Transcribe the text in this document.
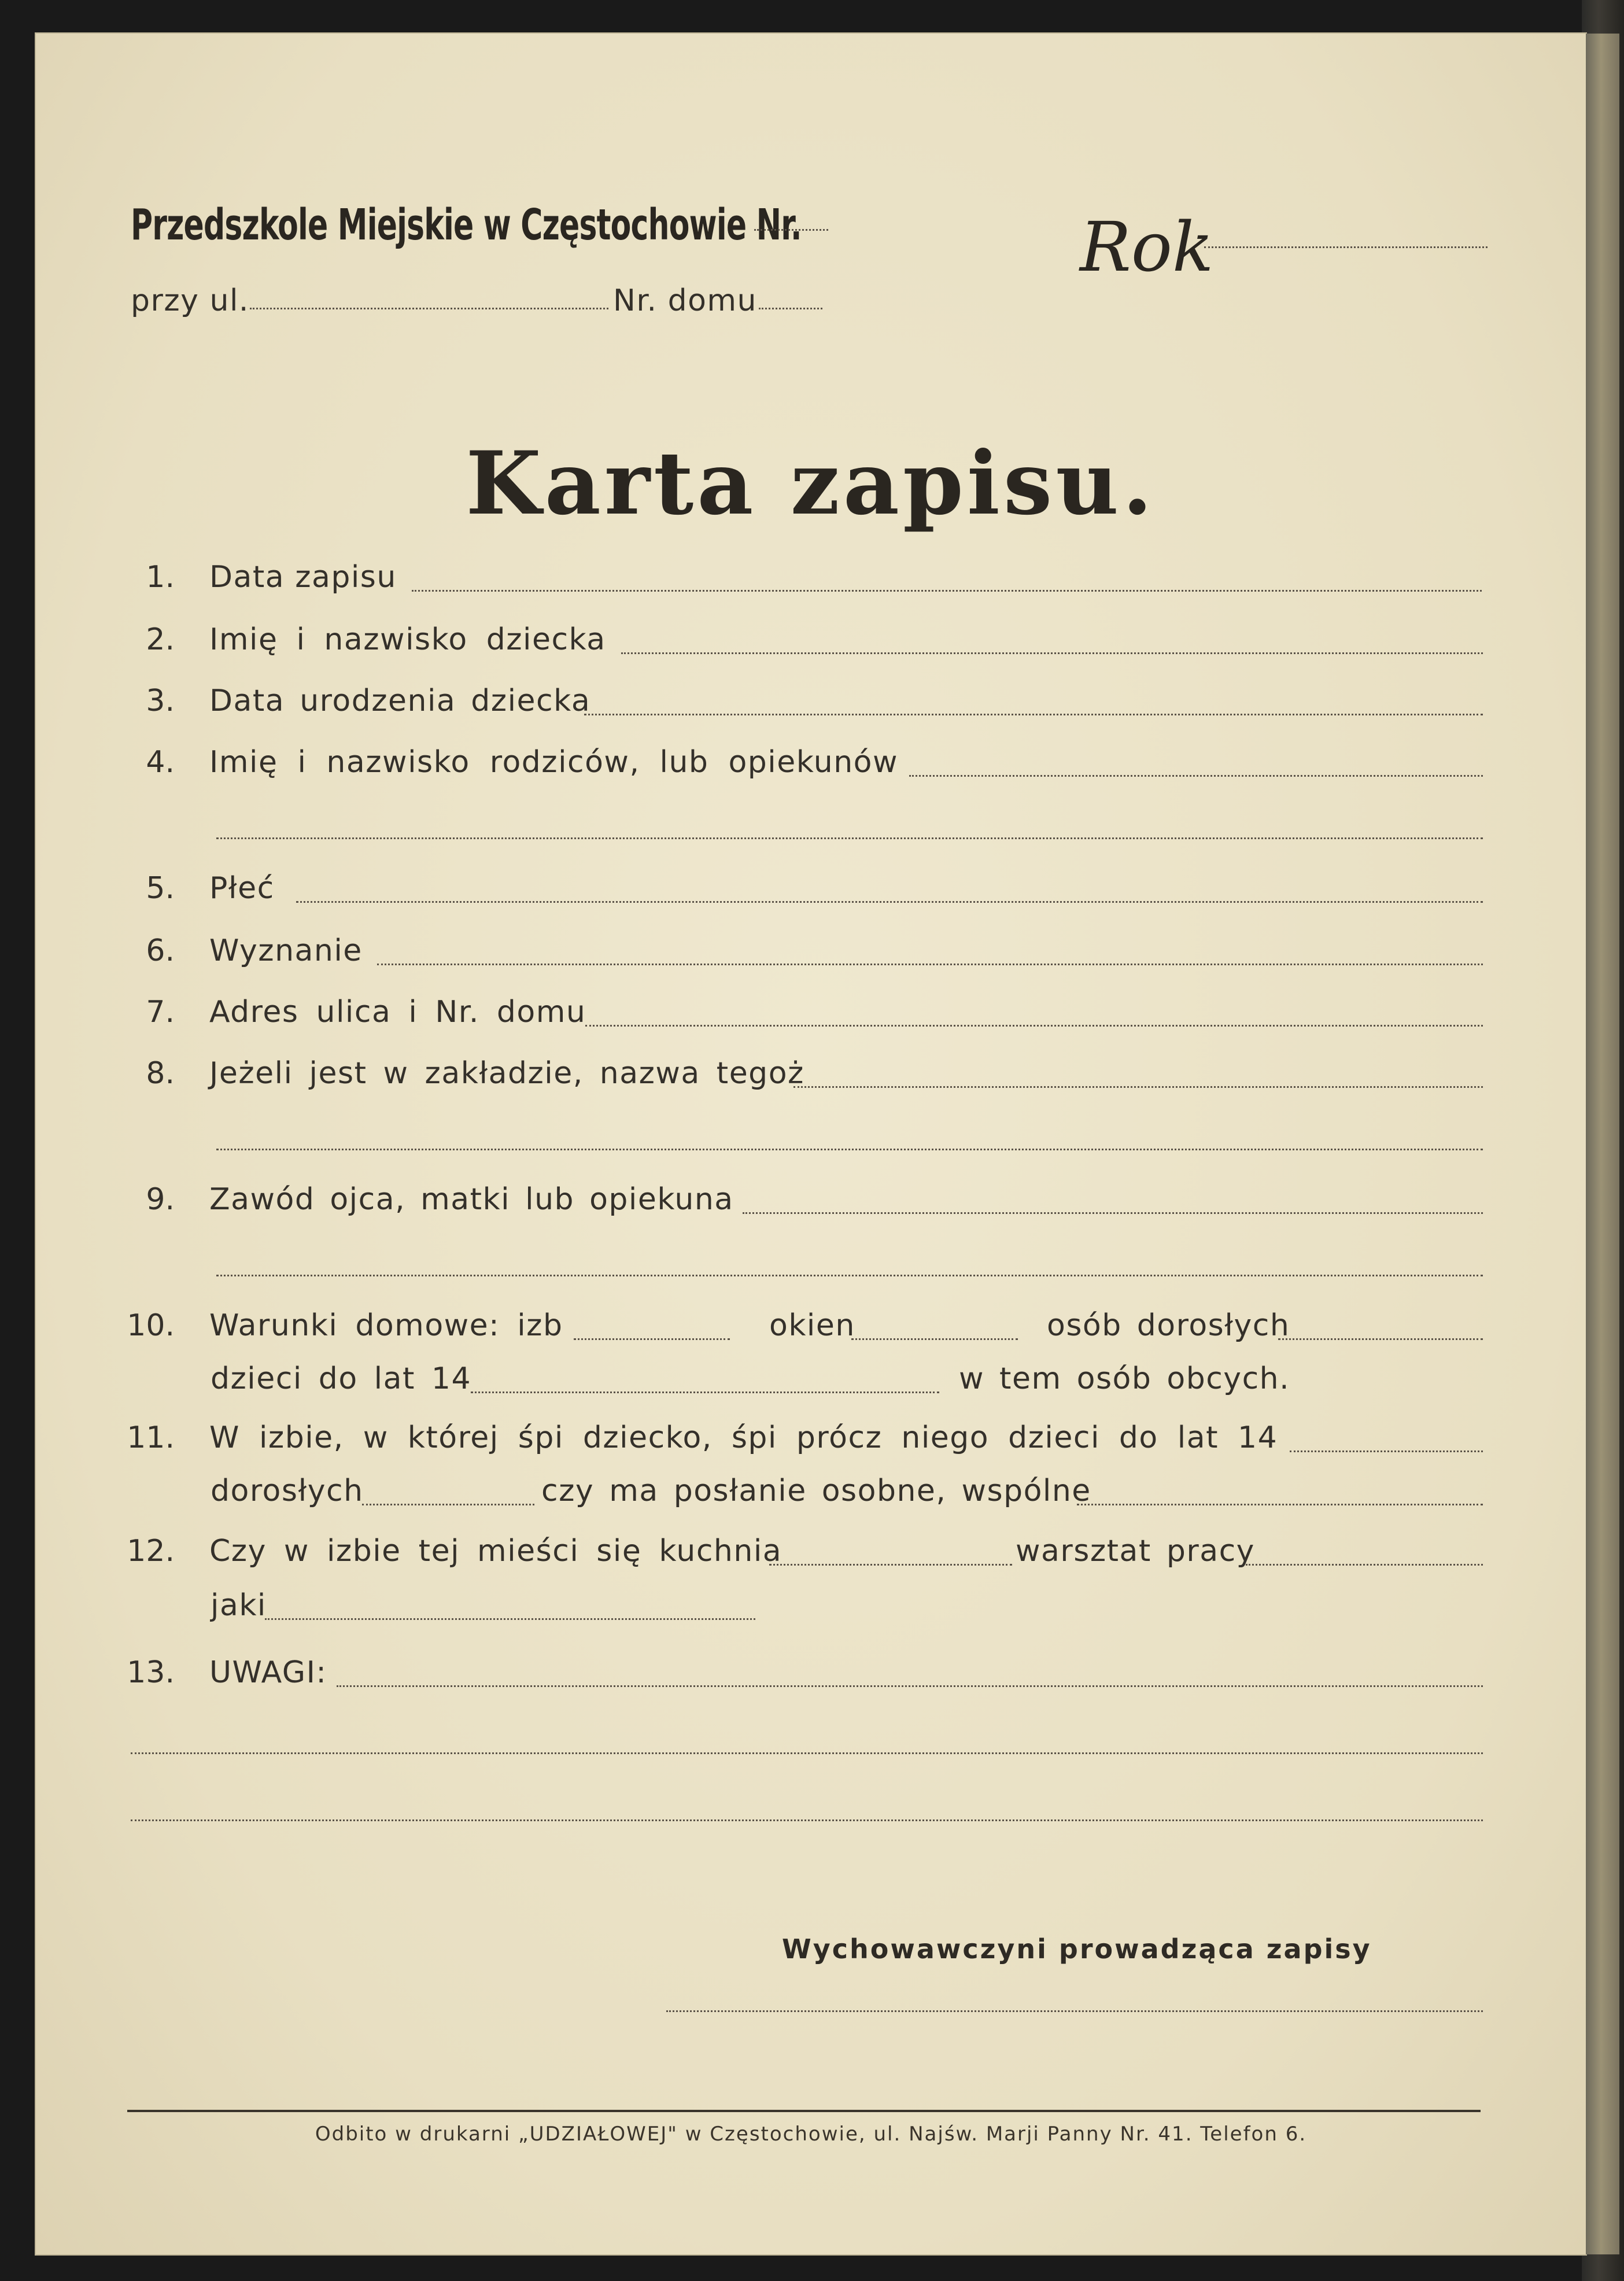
Przedszkole Miejskie w Częstochowie Nr.	Rok
przy ul.	Nr. domu
Karta zapisu.
1. Data zapisu
2. Imię i nazwisko dziecka
3. Data urodzenia dziecka
4. Imię i nazwisko rodziców, lub opiekunów
5. Płeć
6. Wyznanie
7. Adres ulica i Nr. domu
8. Jeżeli jest w zakładzie, nazwa tegoż
9. Zawód ojca, matki lub opiekuna
10. Warunki domowe: izb	okien	osób dorosłych
dzieci do lat 14	w tem osób obcych.
11. W izbie, w której śpi dziecko, śpi prócz niego dzieci do lat 14
dorosłych	czy ma posłanie osobne, wspólne
12. Czy w izbie tej mieści się kuchnia	warsztat pracy
jaki
13. UWAGI:
Wychowawczyni prowadząca zapisy
Odbito w drukarni „UDZIAŁOWEJ" w Częstochowie, ul. Najśw. Marji Panny Nr. 41. Telefon 6.
